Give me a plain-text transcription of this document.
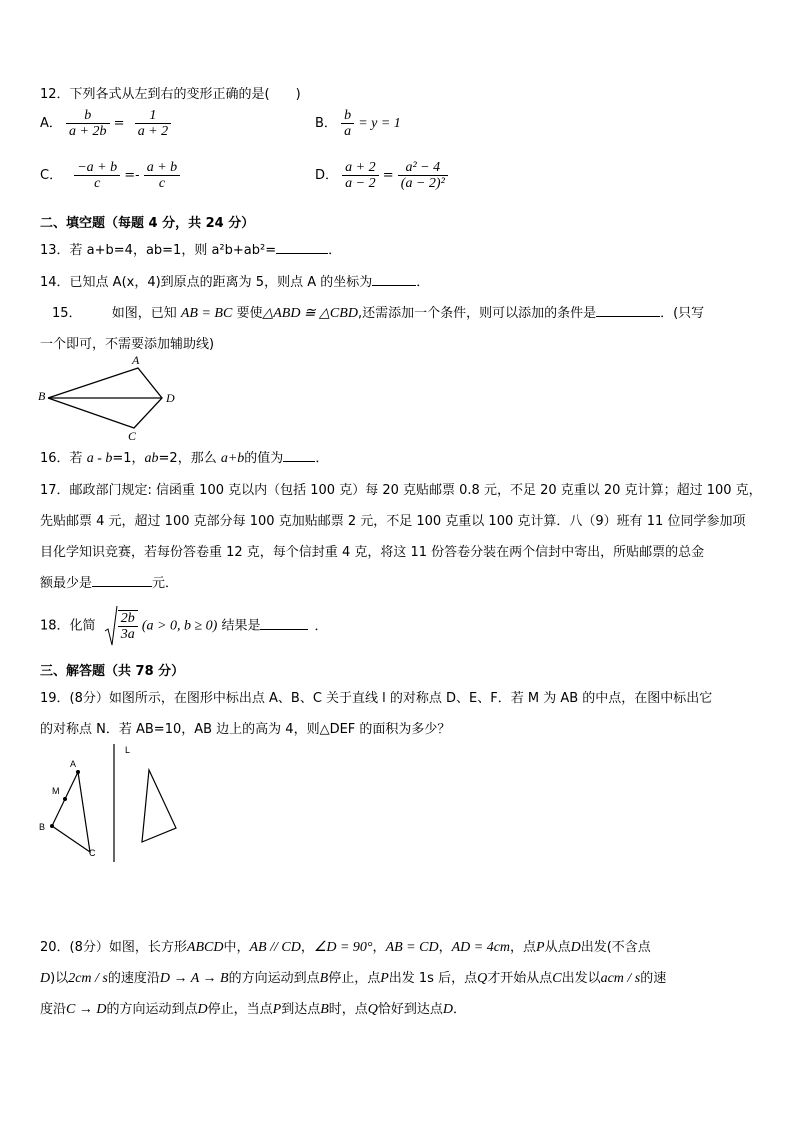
12．下列各式从左到右的变形正确的是(　　)
A． $\frac{b}{a + 2b} = \frac{1}{a + 2}$	B． $\frac{b}{a} = y = 1$
C． $\frac{-a + b}{c} =- \frac{a + b}{c}$	D． $\frac{a + 2}{a - 2} = \frac{\text{a² − 4}}{\text{(a − 2)²}}$
二、填空题（每题 4 分，共 24 分）
13．若 a+b=4，ab=1，则 a²b+ab²=	．
14．已知点 A(x，4)到原点的距离为 5，则点 A 的坐标为	．
15． 如图，已知 AB = BC 要使△ABD ≅ △CBD,还需添加一个条件，则可以添加的条件是	．(只写
一个即可，不需要添加辅助线)
A
B
C
D
16．若 a - b=1，ab=2，那么 a+b的值为 ．
17．邮政部门规定: 信函重 100 克以内（包括 100 克）每 20 克贴邮票 0.8 元，不足 20 克重以 20 克计算；超过 100 克，
先贴邮票 4 元，超过 100 克部分每 100 克加贴邮票 2 元，不足 100 克重以 100 克计算．八（9）班有 11 位同学参加项
目化学知识竞赛，若每份答卷重 12 克，每个信封重 4 克，将这 11 份答卷分装在两个信封中寄出，所贴邮票的总金
额最少是	元．
18．化简 $\frac{2b}{3a} (a > 0$, b ≥ 0) 结果是	．
三、解答题（共 78 分）
19．(8分）如图所示，在图形中标出点 A、B、C 关于直线 l 的对称点 D、E、F．若 M 为 AB 的中点，在图中标出它
的对称点 N．若 AB=10，AB 边上的高为 4，则△DEF 的面积为多少？
A
M
B
C
L
20．(8分）如图，长方形ABCD中，AB // CD，∠D = 90°，AB = CD，AD = 4cm，点P从点D出发(不含点
D)以2cm / s的速度沿D → A → B的方向运动到点B停止，点P出发 1s 后，点Q才开始从点C出发以acm / s的速
度沿C → D的方向运动到点D停止，当点P到达点B时，点Q恰好到达点D．
